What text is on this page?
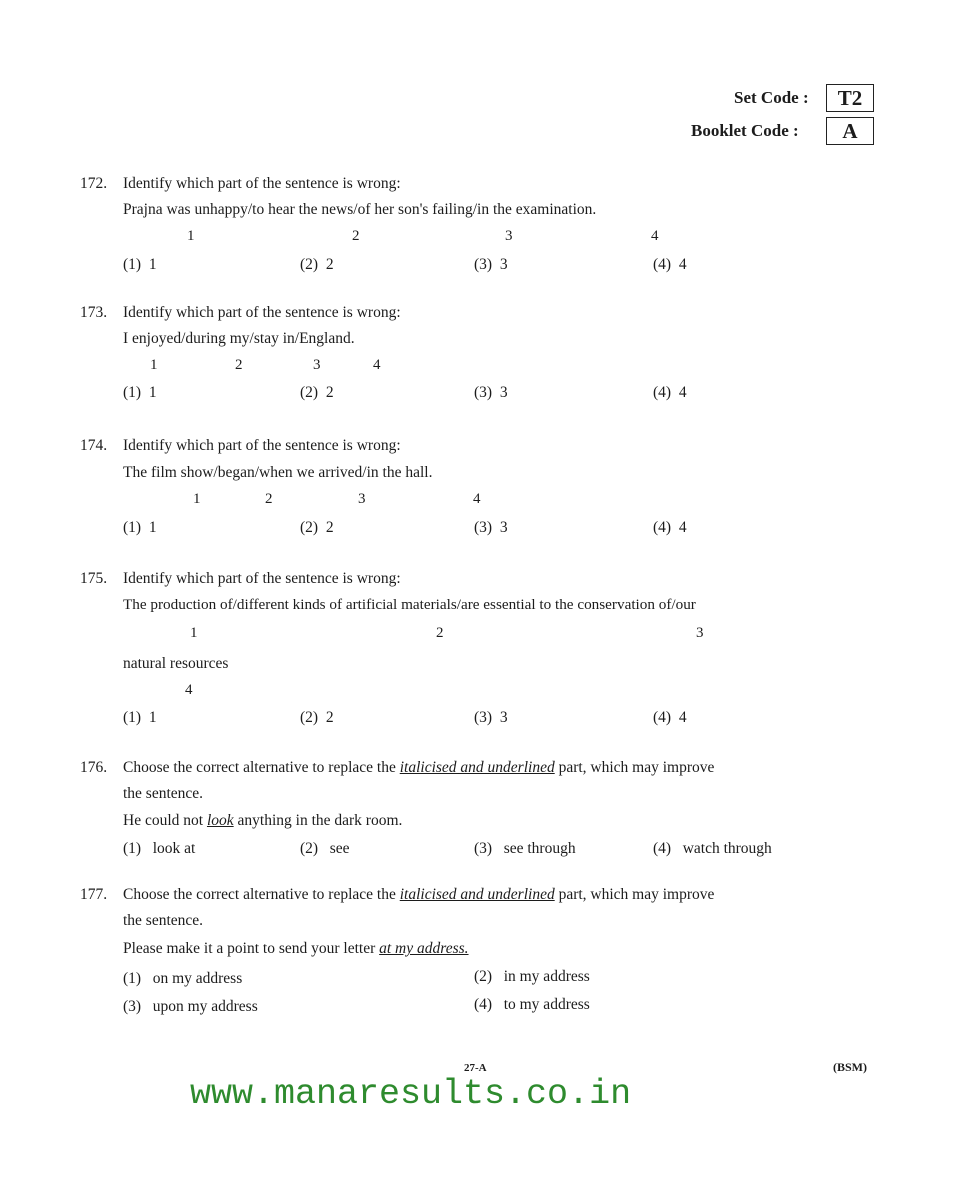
Set Code :	T2
Booklet Code :	A
172. Identify which part of the sentence is wrong:
Prajna was unhappy/to hear the news/of her son's failing/in the examination.
1	2	3	4
(1)  1	(2)  2	(3)  3	(4)  4
173. Identify which part of the sentence is wrong:
I enjoyed/during my/stay in/England.
1	2	3	4
(1)  1	(2)  2	(3)  3	(4)  4
174. Identify which part of the sentence is wrong:
The film show/began/when we arrived/in the hall.
1	2	3	4
(1)  1	(2)  2	(3)  3	(4)  4
175. Identify which part of the sentence is wrong:
The production of/different kinds of artificial materials/are essential to the conservation of/our
1	2	3
natural resources
4
(1)  1	(2)  2	(3)  3	(4)  4
176. Choose the correct alternative to replace the italicised and underlined part, which may improve
the sentence.
He could not look anything in the dark room.
(1)   look at	(2)   see	(3)   see through	(4)   watch through
177. Choose the correct alternative to replace the italicised and underlined part, which may improve
the sentence.
Please make it a point to send your letter at my address.
(1)   on my address	(2)   in my address
(3)   upon my address	(4)   to my address
27-A	(BSM)
www.manaresults.co.in
